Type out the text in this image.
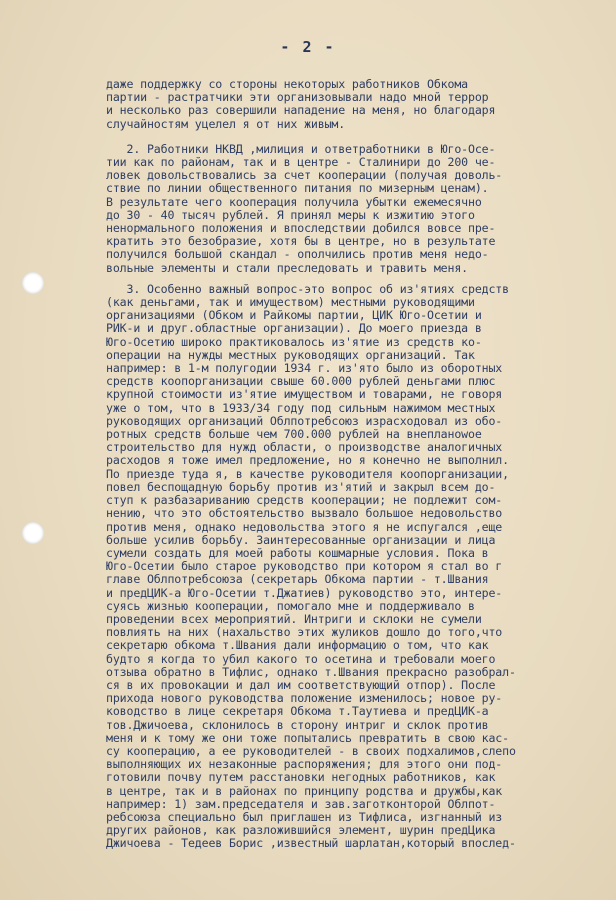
- 2 -
даже поддержку со стороны некоторых работников Обкома
партии - растратчики эти организовывали надо мной террор
и несколько раз совершили нападение на меня, но благодаря
случайностям уцелел я от них живым.
2. Работники НКВД ,милиция и ответработники в Юго-Осе-
тии как по районам, так и в центре - Сталинири до 200 че-
ловек довольствовались за счет кооперации (получая доволь-
ствие по линии общественного питания по мизерным ценам).
В результате чего кооперация получила убытки ежемесячно
до 30 - 40 тысяч рублей. Я принял меры к изжитию этого
ненормального положения и впоследствии добился вовсе пре-
кратить это безобразие, хотя бы в центре, но в результате
получился большой скандал - ополчились против меня недо-
вольные элементы и стали преследовать и травить меня.
3. Особенно важный вопрос-это вопрос об из'ятиях средств
(как деньгами, так и имуществом) местными руководящими
организациями (Обком и Райкомы партии, ЦИК Юго-Осетии и
РИК-и и друг.областные организации). До моего приезда в
Юго-Осетию широко практиковалось из'ятие из средств ко-
операции на нужды местных руководящих организаций. Так
например: в 1-м полугодии 1934 г. из'ято было из оборотных
средств коопорганизации свыше 60.000 рублей деньгами плюс
крупной стоимости из'ятие имуществом и товарами, не говоря
уже о том, что в 1933/34 году под сильным нажимом местных
руководящих организаций Облпотребсоюз израсходовал из обо-
ротных средств больше чем 700.000 рублей на внепланowое
строительство для нужд области, о производстве аналогичных
расходов я тоже имел предложение, но я конечно не выполнил.
По приезде туда я, в качестве руководителя коопорганизации,
повел беспощадную борьбу против из'ятий и закрыл всем до-
ступ к разбазариванию средств кооперации; не подлежит сом-
нению, что это обстоятельство вызвало большое недовольство
против меня, однако недовольства этого я не испугался ,еще
больше усилив борьбу. Заинтересованные организации и лица
сумели создать для моей работы кошмарные условия. Пока в
Юго-Осетии было старое руководство при котором я стал во г
главе Облпотребсоюза (секретарь Обкома партии - т.Швания
и предЦИК-а Юго-Осетии т.Джатиев) руководство это, интере-
суясь жизнью кооперации, помогало мне и поддерживало в
проведении всех мероприятий. Интриги и склоки не сумели
повлиять на них (нахальство этих жуликов дошло до того,что
секретарю обкома т.Швания дали информацию о том, что как
будто я когда то убил какого то осетина и требовали моего
отзыва обратно в Тифлис, однако т.Швания прекрасно разобрал-
ся в их провокации и дал им соответствующий отпор). После
прихода нового руководства положение изменилось; новое ру-
ководство в лице секретаря Обкома т.Таутиева и предЦИК-а
тов.Джичоева, склонилось в сторону интриг и склок против
меня и к тому же они тоже попытались превратить в свою кас-
су кооперацию, а ее руководителей - в своих подхалимов,слепо
выполняющих их незаконные распоряжения; для этого они под-
готовили почву путем расстановки негодных работников, как
в центре, так и в районах по принципу родства и дружбы,как
например: 1) зам.председателя и зав.заготконторой Облпот-
ребсоюза специально был приглашен из Тифлиса, изгнанный из
других районов, как разложившийся элемент, шурин предЦика
Джичоева - Тедеев Борис ,известный шарлатан,который впослед-
